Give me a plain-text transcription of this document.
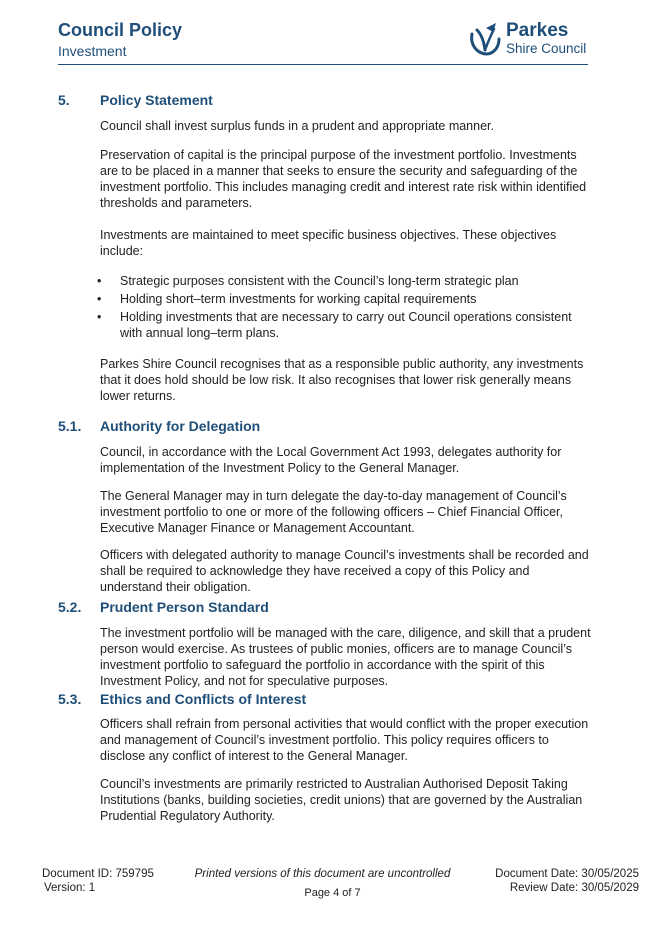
Council Policy
Investment
Parkes
Shire Council
5. Policy Statement
Council shall invest surplus funds in a prudent and appropriate manner.
Preservation of capital is the principal purpose of the investment portfolio. Investments are to be placed in a manner that seeks to ensure the security and safeguarding of the investment portfolio. This includes managing credit and interest rate risk within identified thresholds and parameters.
Investments are maintained to meet specific business objectives. These objectives include:
• Strategic purposes consistent with the Council’s long-term strategic plan
• Holding short–term investments for working capital requirements
• Holding investments that are necessary to carry out Council operations consistent with annual long–term plans.
Parkes Shire Council recognises that as a responsible public authority, any investments that it does hold should be low risk. It also recognises that lower risk generally means lower returns.
5.1. Authority for Delegation
Council, in accordance with the Local Government Act 1993, delegates authority for implementation of the Investment Policy to the General Manager.
The General Manager may in turn delegate the day-to-day management of Council’s investment portfolio to one or more of the following officers – Chief Financial Officer, Executive Manager Finance or Management Accountant.
Officers with delegated authority to manage Council’s investments shall be recorded and shall be required to acknowledge they have received a copy of this Policy and understand their obligation.
5.2. Prudent Person Standard
The investment portfolio will be managed with the care, diligence, and skill that a prudent person would exercise. As trustees of public monies, officers are to manage Council’s investment portfolio to safeguard the portfolio in accordance with the spirit of this Investment Policy, and not for speculative purposes.
5.3. Ethics and Conflicts of Interest
Officers shall refrain from personal activities that would conflict with the proper execution and management of Council’s investment portfolio. This policy requires officers to disclose any conflict of interest to the General Manager.
Council’s investments are primarily restricted to Australian Authorised Deposit Taking Institutions (banks, building societies, credit unions) that are governed by the Australian Prudential Regulatory Authority.
Document ID: 759795
Version: 1
Printed versions of this document are uncontrolled
Page 4 of 7
Document Date: 30/05/2025
Review Date: 30/05/2029
